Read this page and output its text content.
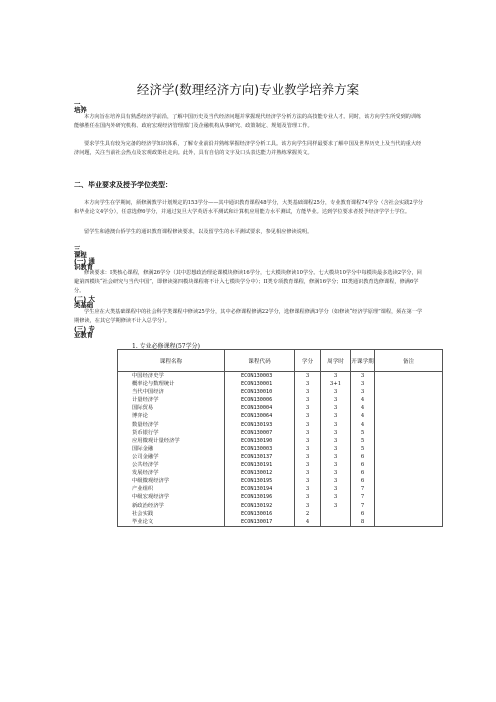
经济学(数理经济方向)专业教学培养方案
一、
培养
本方向旨在培养具有熟悉经济学前沿，了解中国历史及当代经济问题并掌握现代经济学分析方法的高技能专业人才。同时，该方向学生所受到的训练能够胜任在国内外研究机构、政府宏观经济管理部门及企融机构从事研究、政策制定、规划及管理工作。
要求学生具有较为完备的经济学知识体系，了解专业前沿并熟练掌握经济学分析工具。该方向学生同样最要求了解中国及世界历史上及当代的重大经济问题，关注当前社会热点及宏观政策社走向。此外，具有自信的文字及口头表达能力并熟练掌握英文。
二、毕业要求及授予学位类型：
本方向学生在学期间，须修满教学计划规定的153学分——其中通识教育课程48学分，大类基础课程25分，专业教育课程74学分（含社会实践2学分和毕业论文4学分），任意选修6学分，并通过复旦大学英语水平测试和计算机应用能力水平测试，方能毕业。达到学位要求者授予经济学学士学位。
留学生和港澳台侨学生的通识教育课程修读要求，以及留学生的水平测试要求，参见相应修读说明。
三、
课程
(一) 通
识教育
修读要求：I类核心课程，修满26学分（其中思想政治理论课模块修读16学分，七大模块修读10学分。七大模块10学分中每模块最多选读2学分，回避第四模块“社会研究与当代中国”，即修读第四模块课程将不计入七模块学分中）；II类专项教育课程，修满16学分；III类通识教育选修课程，修满6学分。
(二) 大
类基础
学生应在大类基础课程中的社会科学类课程中修读25学分，其中必修课程修满22学分，选修课程修满3学分（如修读“经济学原理”课程，须在第一学期修读，在其它学期修读不计入总学分）。
(三) 专
业教育
1. 专业必修课程(57学分)
课程名称	课程代码	学分	周学时	开课学期	备注
中国经济史学	ECON130003	3	3	3	
概率论与数理统计	ECON130001	3	3+1	3	
当代中国经济	ECON130010	3	3	3	
计量经济学	ECON130006	3	3	4	
国际贸易	ECON130004	3	3	4	
博弈论	ECON130064	3	3	4	
数量经济学	ECON130193	3	3	4	
货币银行学	ECON130007	3	3	5	
应用微观计量经济学	ECON130190	3	3	5	
国际金融	ECON130003	3	3	5	
公司金融学	ECON130137	3	3	6	
公共经济学	ECON130191	3	3	6	
发展经济学	ECON130012	3	3	6	
中级微观经济学	ECON130195	3	3	6	
产业组织	ECON130194	3	3	7	
中级宏观经济学	ECON130196	3	3	7	
新政治经济学	ECON130192	3	3	7	
社会实践	ECON130016	2		6	
毕业论文	ECON130017	4		8	
